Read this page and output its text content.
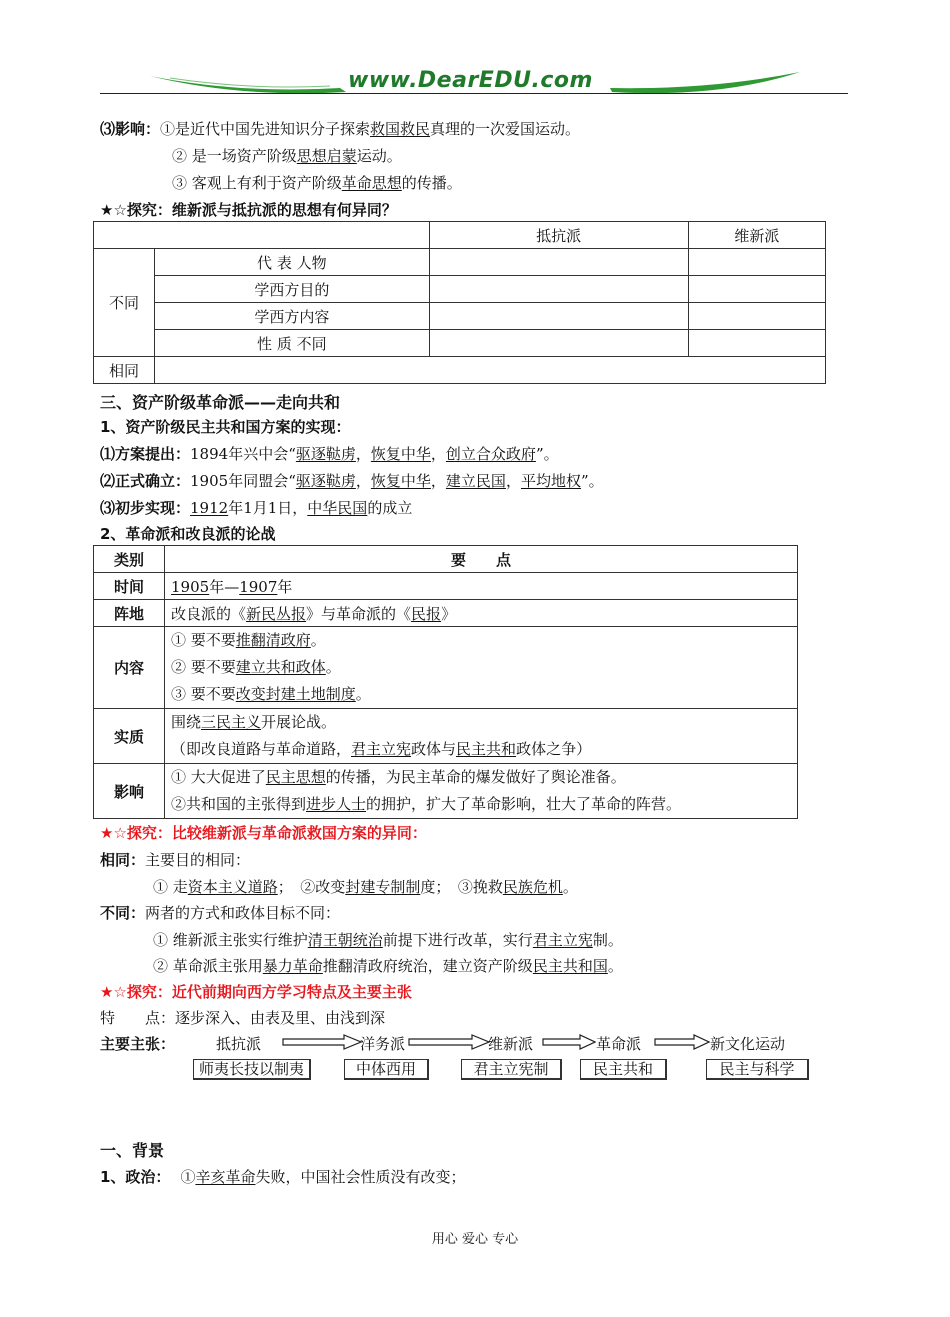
www.DearEDU.com
⑶影响：①是近代中国先进知识分子探索救国救民真理的一次爱国运动。
② 是一场资产阶级思想启蒙运动。
③ 客观上有利于资产阶级革命思想的传播。
★☆探究：维新派与抵抗派的思想有何异同？
		抵抗派	维新派
不同	代 表 人物		
	学西方目的		
	学西方内容		
	性 质 不同		
相同			
三、资产阶级革命派——走向共和
1、资产阶级民主共和国方案的实现：
⑴方案提出：1894年兴中会“驱逐鞑虏，恢复中华，创立合众政府”。
⑵正式确立：1905年同盟会“驱逐鞑虏，恢复中华，建立民国，平均地权”。
⑶初步实现：1912年1月1日，中华民国的成立
2、革命派和改良派的论战
类别	要　　点
时间	1905年—1907年
阵地	改良派的《新民丛报》与革命派的《民报》
内容	① 要不要推翻清政府。
② 要不要建立共和政体。
③ 要不要改变封建土地制度。

实质	围绕三民主义开展论战。
（即改良道路与革命道路，君主立宪政体与民主共和政体之争）

影响	① 大大促进了民主思想的传播，为民主革命的爆发做好了舆论准备。
②共和国的主张得到进步人士的拥护，扩大了革命影响，壮大了革命的阵营。
★☆探究：比较维新派与革命派救国方案的异同：
相同：主要目的相同：
① 走资本主义道路；　②改变封建专制制度；　③挽救民族危机。
不同：两者的方式和政体目标不同：
① 维新派主张实行维护清王朝统治前提下进行改革，实行君主立宪制。
② 革命派主张用暴力革命推翻清政府统治，建立资产阶级民主共和国。
★☆探究：近代前期向西方学习特点及主要主张
特　　点：逐步深入、由表及里、由浅到深
主要主张：	抵抗派	洋务派	维新派	革命派	新文化运动
师夷长技以制夷	中体西用	君主立宪制	民主共和	民主与科学
一、背景
1、政治： ①辛亥革命失败，中国社会性质没有改变；
用心 爱心 专心
